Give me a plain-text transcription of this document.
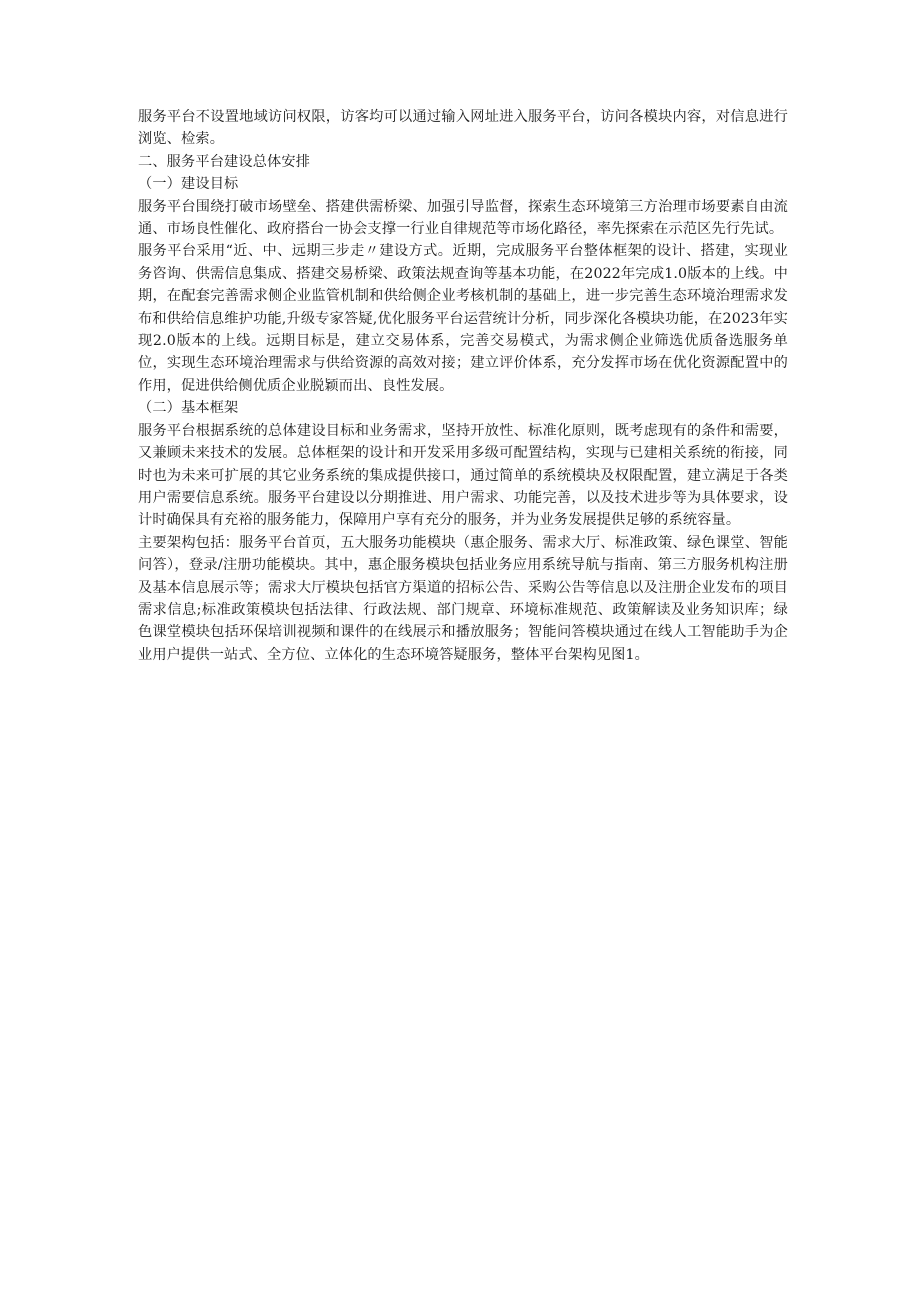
服务平台不设置地域访问权限，访客均可以通过输入网址进入服务平台，访问各模块内容，对信息进行浏览、检索。

二、服务平台建设总体安排

（一）建设目标

服务平台围绕打破市场壁垒、搭建供需桥梁、加强引导监督，探索生态环境第三方治理市场要素自由流通、市场良性催化、政府搭台一协会支撑一行业自律规范等市场化路径，率先探索在示范区先行先试。

服务平台采用“近、中、远期三步走〃建设方式。近期，完成服务平台整体框架的设计、搭建，实现业务咨询、供需信息集成、搭建交易桥梁、政策法规查询等基本功能，在2022年完成1.0版本的上线。中期，在配套完善需求侧企业监管机制和供给侧企业考核机制的基础上，进一步完善生态环境治理需求发布和供给信息维护功能,升级专家答疑,优化服务平台运营统计分析，同步深化各模块功能，在2023年实现2.0版本的上线。远期目标是，建立交易体系，完善交易模式，为需求侧企业筛选优质备选服务单位，实现生态环境治理需求与供给资源的高效对接；建立评价体系，充分发挥市场在优化资源配置中的作用，促进供给侧优质企业脱颖而出、良性发展。

（二）基本框架

服务平台根据系统的总体建设目标和业务需求，坚持开放性、标准化原则，既考虑现有的条件和需要，又兼顾未来技术的发展。总体框架的设计和开发采用多级可配置结构，实现与已建相关系统的衔接，同时也为未来可扩展的其它业务系统的集成提供接口，通过简单的系统模块及权限配置，建立满足于各类用户需要信息系统。服务平台建设以分期推进、用户需求、功能完善，以及技术进步等为具体要求，设计时确保具有充裕的服务能力，保障用户享有充分的服务，并为业务发展提供足够的系统容量。

主要架构包括：服务平台首页，五大服务功能模块（惠企服务、需求大厅、标准政策、绿色课堂、智能问答），登录/注册功能模块。其中，惠企服务模块包括业务应用系统导航与指南、第三方服务机构注册及基本信息展示等；需求大厅模块包括官方渠道的招标公告、采购公告等信息以及注册企业发布的项目需求信息;标准政策模块包括法律、行政法规、部门规章、环境标准规范、政策解读及业务知识库；绿色课堂模块包括环保培训视频和课件的在线展示和播放服务；智能问答模块通过在线人工智能助手为企业用户提供一站式、全方位、立体化的生态环境答疑服务，整体平台架构见图1。
